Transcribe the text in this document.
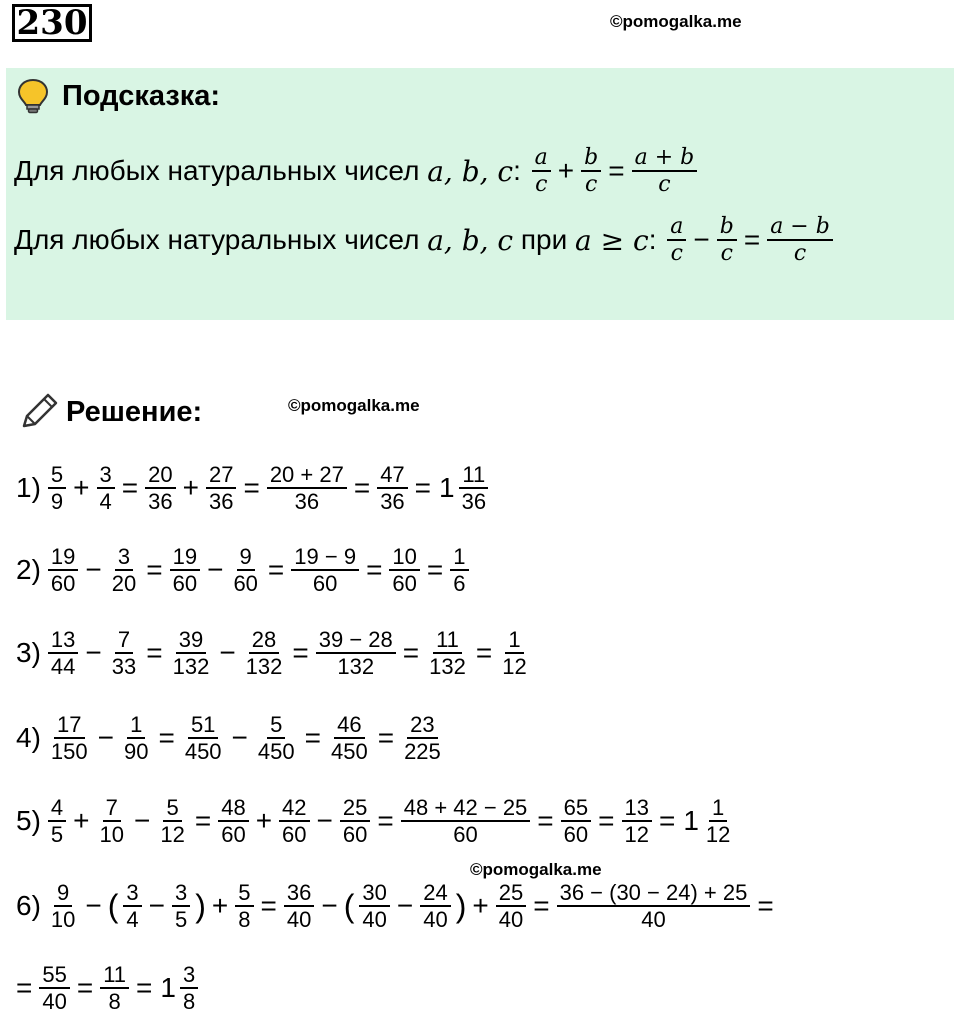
230	©pomogalka.me
Подсказка:
Для любых натуральных чисел
a, b, c :
$\frac{a}{c} + \frac{b}{c} = \frac{a + b}{c}$
Для любых натуральных чисел
a, b, c
при
a ≥ c :
$\frac{a}{c} - \frac{b}{c} = \frac{a - b}{c}$
Решение:	©pomogalka.me
$1) \frac{5}{9} + \frac{3}{4} = \frac{20}{36} + \frac{27}{36} = \frac{20 + 27}{36} = \frac{47}{36} = 1 \frac{11}{36}$
$2) \frac{19}{60} - \frac{3}{20} = \frac{19}{60} - \frac{9}{60} = \frac{19 - 9}{60} = \frac{10}{60} = \frac{1}{6}$
$3) \frac{13}{44} - \frac{7}{33} = \frac{39}{132} - \frac{28}{132} = \frac{39 - 28}{132} = \frac{11}{132} = \frac{1}{12}$
$4) \frac{17}{150} - \frac{1}{90} = \frac{51}{450} - \frac{5}{450} = \frac{46}{450} = \frac{23}{225}$
$5) \frac{4}{5} + \frac{7}{10} - \frac{5}{12} = \frac{48}{60} + \frac{42}{60} - \frac{25}{60} = \frac{48 + 42 - 25}{60} = \frac{65}{60} = \frac{13}{12} = 1 \frac{1}{12}$
©pomogalka.me
$6) \frac{9}{10}$ − ( $\frac{3}{4} - \frac{3}{5}$ ) + $\frac{5}{8} = \frac{36}{40}$ − ( $\frac{30}{40} - \frac{24}{40}$ ) + $\frac{25}{40} = \frac{36 - (30 - 24) + 25}{40}$ =
= $\frac{55}{40} = \frac{11}{8} = 1 \frac{3}{8}$
